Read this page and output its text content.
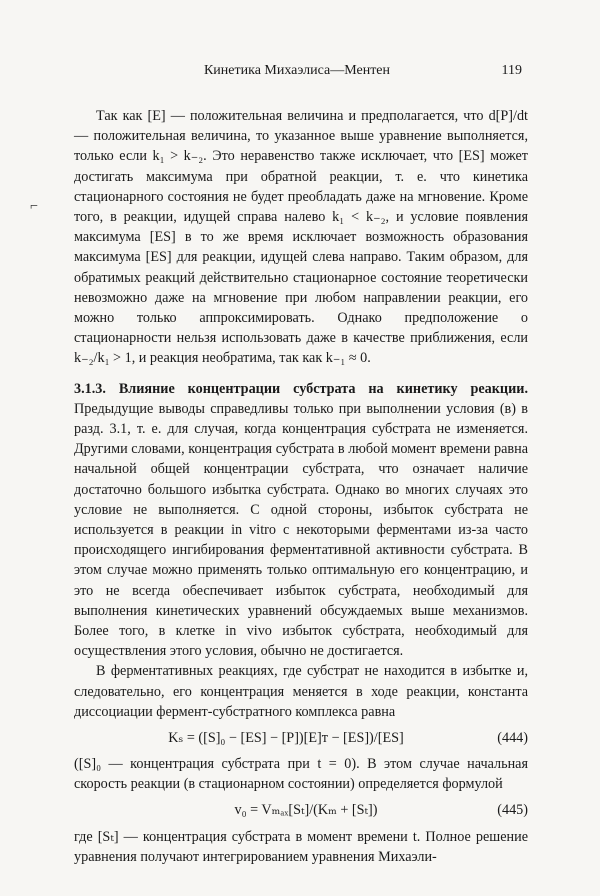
Кинетика Михаэлиса—Ментен	119
⌐

Так как [E] — положительная величина и предполагается, что d[P]/dt — положительная величина, то указанное выше уравнение выполняется, только если k₁ > k₋₂. Это неравенство также исключает, что [ES] может достигать максимума при обратной реакции, т. е. что кинетика стационарного состояния не будет преобладать даже на мгновение. Кроме того, в реакции, идущей справа налево k₁ < k₋₂, и условие появления максимума [ES] в то же время исключает возможность образования максимума [ES] для реакции, идущей слева направо. Таким образом, для обратимых реакций действительно стационарное состояние теоретически невозможно даже на мгновение при любом направлении реакции, его можно только аппроксимировать. Однако предположение о стационарности нельзя использовать даже в качестве приближения, если k₋₂/k₁ > 1, и реакция необратима, так как k₋₁ ≈ 0.

3.1.3. Влияние концентрации субстрата на кинетику реакции. Предыдущие выводы справедливы только при выполнении условия (в) в разд. 3.1, т. е. для случая, когда концентрация субстрата не изменяется. Другими словами, концентрация субстрата в любой момент времени равна начальной общей концентрации субстрата, что означает наличие достаточно большого избытка субстрата. Однако во многих случаях это условие не выполняется. С одной стороны, избыток субстрата не используется в реакции in vitro с некоторыми ферментами из-за часто происходящего ингибирования ферментативной активности субстрата. В этом случае можно применять только оптимальную его концентрацию, и это не всегда обеспечивает избыток субстрата, необходимый для выполнения кинетических уравнений обсуждаемых выше механизмов. Более того, в клетке in vivo избыток субстрата, необходимый для осуществления этого условия, обычно не достигается.

В ферментативных реакциях, где субстрат не находится в избытке и, следовательно, его концентрация меняется в ходе реакции, константа диссоциации фермент-субстратного комплекса равна

Kₛ = ([S]₀ − [ES] − [P])[E]ᴛ − [ES])/[ES]	(444)

([S]₀ — концентрация субстрата при t = 0). В этом случае начальная скорость реакции (в стационарном состоянии) определяется формулой

v₀ = Vₘₐₓ[Sₜ]/(Kₘ + [Sₜ])	(445)

где [Sₜ] — концентрация субстрата в момент времени t. Полное решение уравнения получают интегрированием уравнения Михаэли-
